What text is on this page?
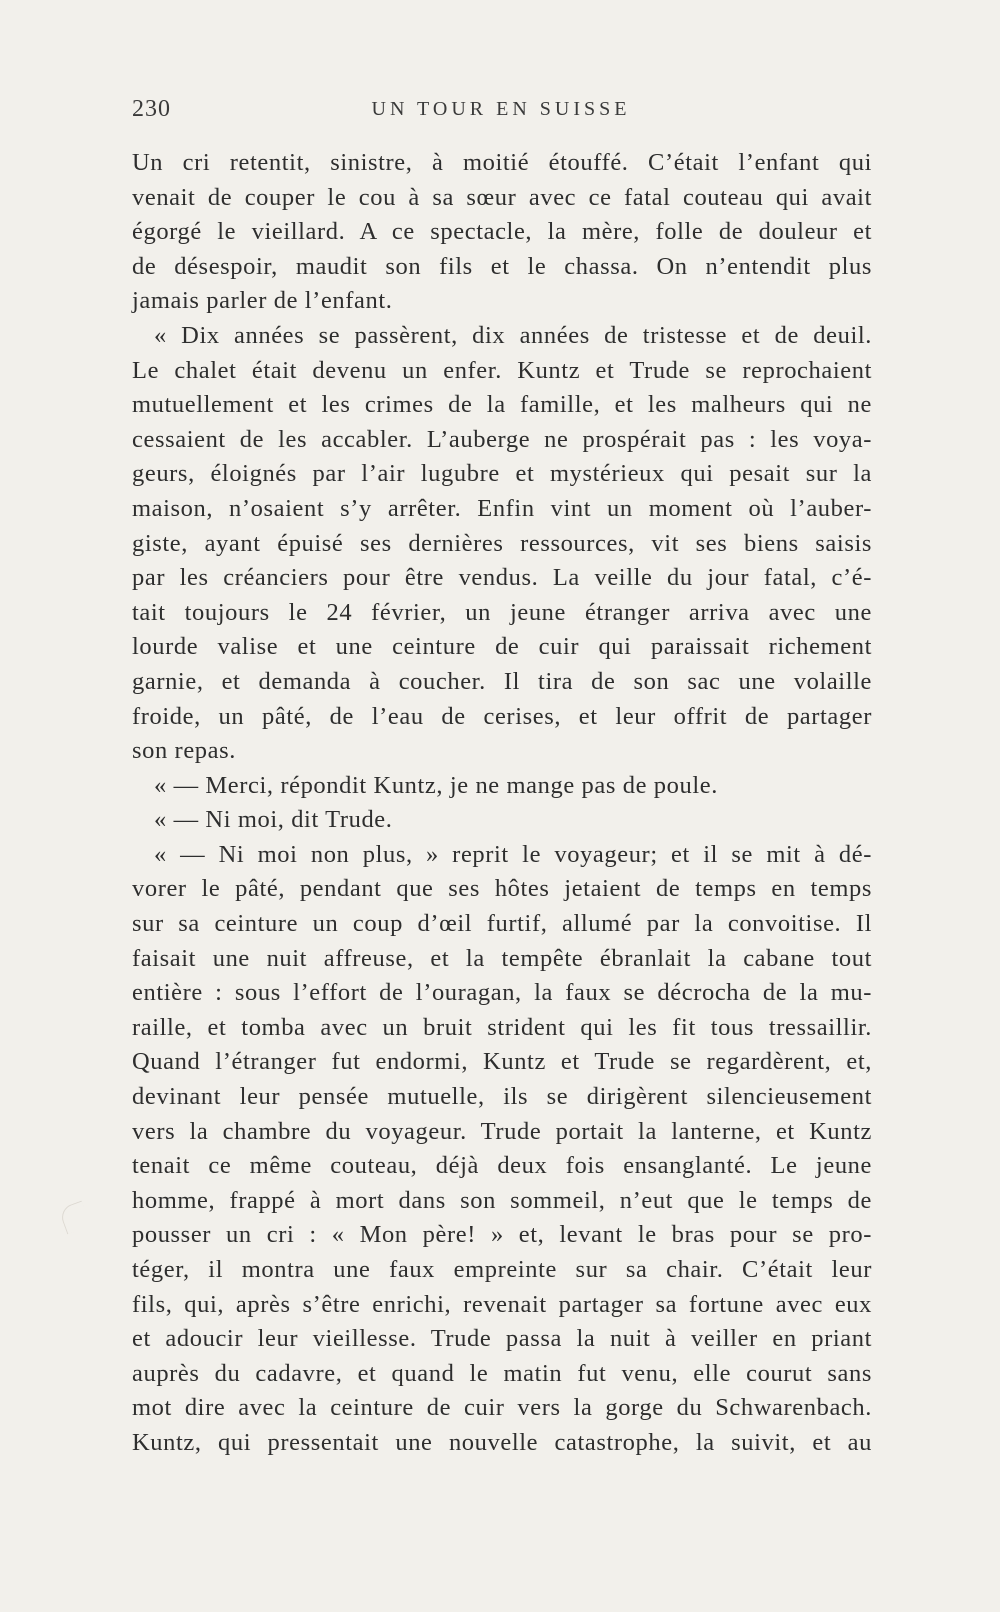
230	UN TOUR EN SUISSE
Un cri retentit, sinistre, à moitié étouffé. C’était l’enfant qui
venait de couper le cou à sa sœur avec ce fatal couteau qui avait
égorgé le vieillard. A ce spectacle, la mère, folle de douleur et
de désespoir, maudit son fils et le chassa. On n’entendit plus
jamais parler de l’enfant.
« Dix années se passèrent, dix années de tristesse et de deuil.
Le chalet était devenu un enfer. Kuntz et Trude se reprochaient
mutuellement et les crimes de la famille, et les malheurs qui ne
cessaient de les accabler. L’auberge ne prospérait pas : les voya-
geurs, éloignés par l’air lugubre et mystérieux qui pesait sur la
maison, n’osaient s’y arrêter. Enfin vint un moment où l’auber-
giste, ayant épuisé ses dernières ressources, vit ses biens saisis
par les créanciers pour être vendus. La veille du jour fatal, c’é-
tait toujours le 24 février, un jeune étranger arriva avec une
lourde valise et une ceinture de cuir qui paraissait richement
garnie, et demanda à coucher. Il tira de son sac une volaille
froide, un pâté, de l’eau de cerises, et leur offrit de partager
son repas.
« — Merci, répondit Kuntz, je ne mange pas de poule.
« — Ni moi, dit Trude.
« — Ni moi non plus, » reprit le voyageur; et il se mit à dé-
vorer le pâté, pendant que ses hôtes jetaient de temps en temps
sur sa ceinture un coup d’œil furtif, allumé par la convoitise. Il
faisait une nuit affreuse, et la tempête ébranlait la cabane tout
entière : sous l’effort de l’ouragan, la faux se décrocha de la mu-
raille, et tomba avec un bruit strident qui les fit tous tressaillir.
Quand l’étranger fut endormi, Kuntz et Trude se regardèrent, et,
devinant leur pensée mutuelle, ils se dirigèrent silencieusement
vers la chambre du voyageur. Trude portait la lanterne, et Kuntz
tenait ce même couteau, déjà deux fois ensanglanté. Le jeune
homme, frappé à mort dans son sommeil, n’eut que le temps de
pousser un cri : « Mon père! » et, levant le bras pour se pro-
téger, il montra une faux empreinte sur sa chair. C’était leur
fils, qui, après s’être enrichi, revenait partager sa fortune avec eux
et adoucir leur vieillesse. Trude passa la nuit à veiller en priant
auprès du cadavre, et quand le matin fut venu, elle courut sans
mot dire avec la ceinture de cuir vers la gorge du Schwarenbach.
Kuntz, qui pressentait une nouvelle catastrophe, la suivit, et au
